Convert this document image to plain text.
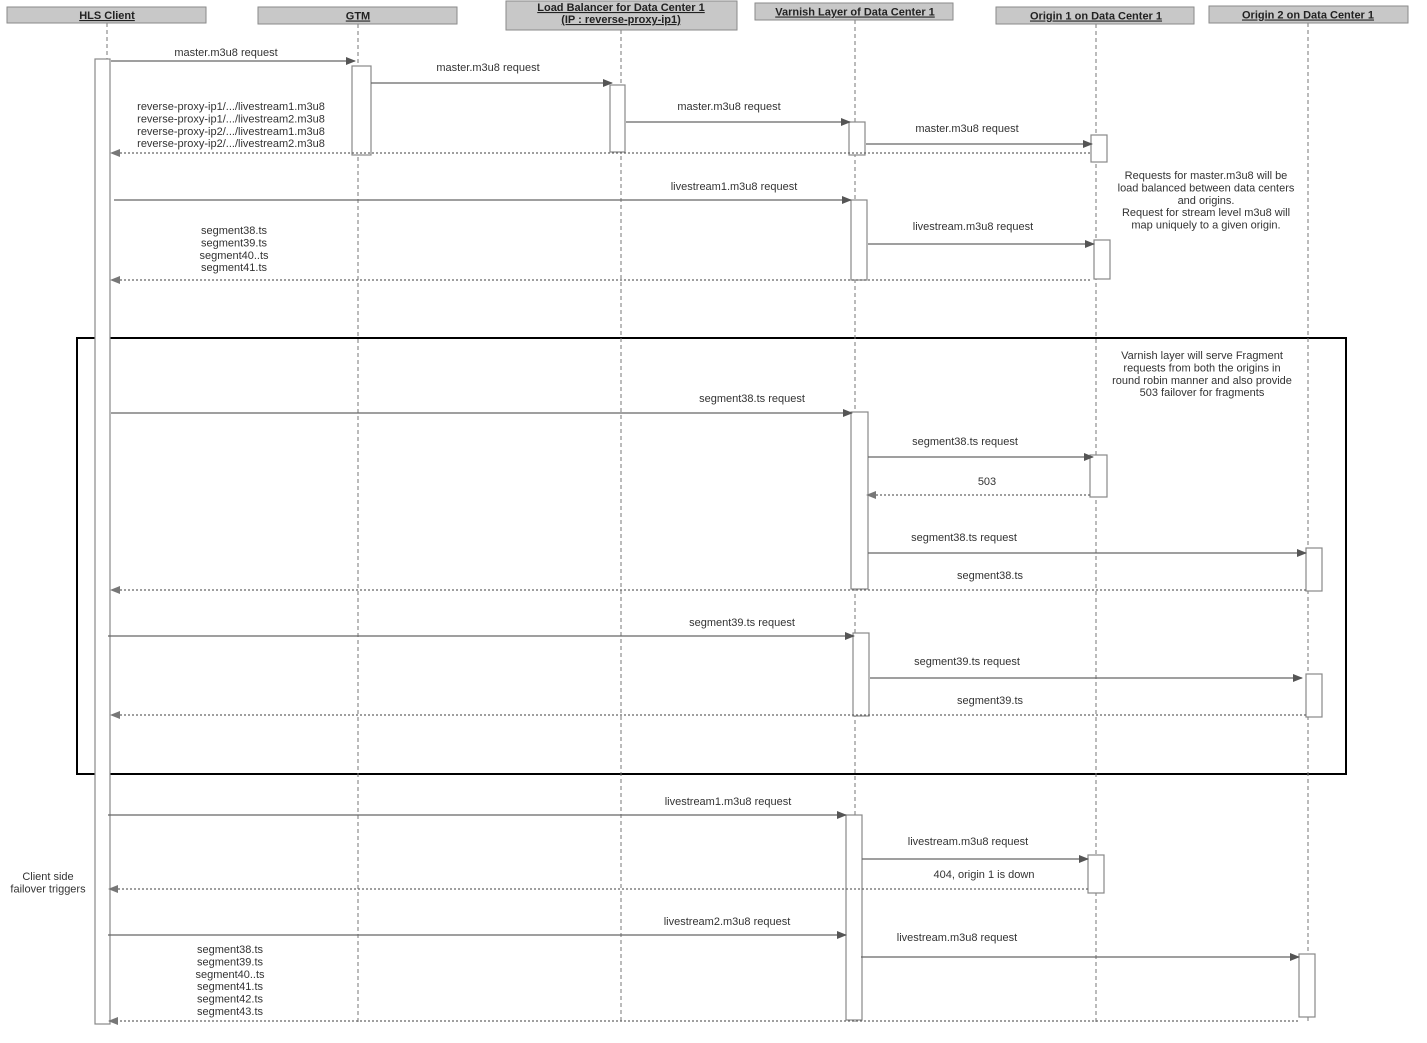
master.m3u8 request
master.m3u8 request
master.m3u8 request
master.m3u8 request
reverse-proxy-ip1/.../livestream1.m3u8
reverse-proxy-ip1/.../livestream2.m3u8
reverse-proxy-ip2/.../livestream1.m3u8
reverse-proxy-ip2/.../livestream2.m3u8
livestream1.m3u8 request
livestream.m3u8 request
segment38.ts
segment39.ts
segment40..ts
segment41.ts
segment38.ts request
segment38.ts request
503
segment38.ts request
segment38.ts
segment39.ts request
segment39.ts request
segment39.ts
livestream1.m3u8 request
livestream.m3u8 request
404, origin 1 is down
livestream2.m3u8 request
livestream.m3u8 request
segment38.ts
segment39.ts
segment40..ts
segment41.ts
segment42.ts
segment43.ts
HLS Client	GTM
Load Balancer for Data Center 1
(IP : reverse-proxy-ip1)
Varnish Layer of Data Center 1	Origin 1 on Data Center 1	Origin 2 on Data Center 1
Requests for master.m3u8 will be
load balanced between data centers
and origins.
Request for stream level m3u8 will
map uniquely to a given origin.
Varnish layer will serve Fragment
requests from both the origins in
round robin manner and also provide
503 failover for fragments
Client side
failover triggers
